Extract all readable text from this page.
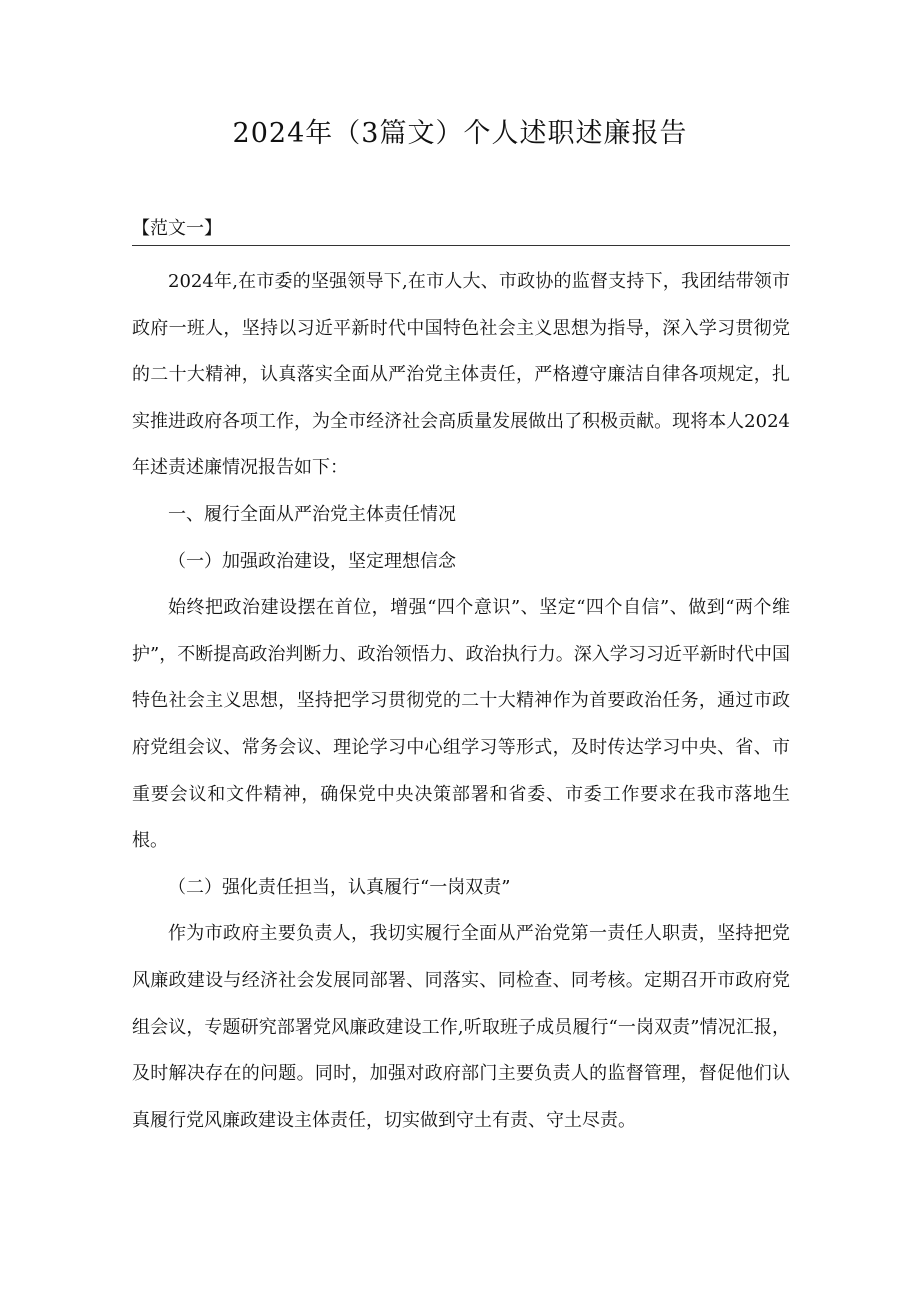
2024年（3篇文）个人述职述廉报告
【范文一】

2024年,在市委的坚强领导下,在市人大、市政协的监督支持下，我团结带领市政府一班人，坚持以习近平新时代中国特色社会主义思想为指导，深入学习贯彻党的二十大精神，认真落实全面从严治党主体责任，严格遵守廉洁自律各项规定，扎实推进政府各项工作，为全市经济社会高质量发展做出了积极贡献。现将本人2024年述责述廉情况报告如下：

一、履行全面从严治党主体责任情况

（一）加强政治建设，坚定理想信念

始终把政治建设摆在首位，增强“四个意识”、坚定“四个自信”、做到“两个维护”，不断提高政治判断力、政治领悟力、政治执行力。深入学习习近平新时代中国特色社会主义思想，坚持把学习贯彻党的二十大精神作为首要政治任务，通过市政府党组会议、常务会议、理论学习中心组学习等形式，及时传达学习中央、省、市重要会议和文件精神，确保党中央决策部署和省委、市委工作要求在我市落地生根。

（二）强化责任担当，认真履行“一岗双责”

作为市政府主要负责人，我切实履行全面从严治党第一责任人职责，坚持把党风廉政建设与经济社会发展同部署、同落实、同检查、同考核。定期召开市政府党组会议，专题研究部署党风廉政建设工作,听取班子成员履行“一岗双责”情况汇报，及时解决存在的问题。同时，加强对政府部门主要负责人的监督管理，督促他们认真履行党风廉政建设主体责任，切实做到守土有责、守土尽责。
